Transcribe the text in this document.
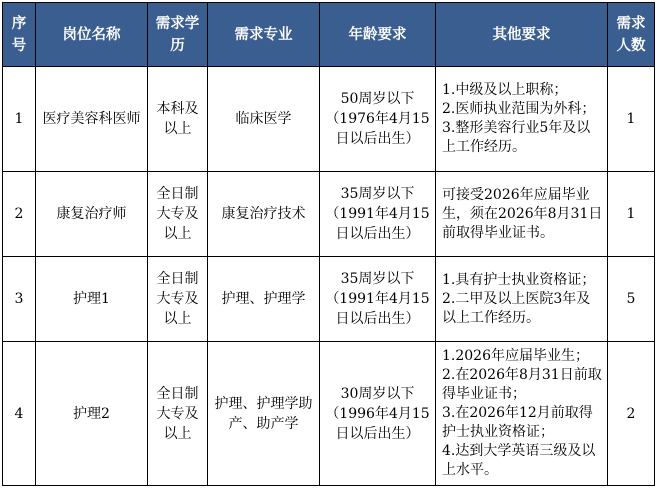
序号	岗位名称	需求学历	需求专业	年龄要求	其他要求	需求人数
1	医疗美容科医师	本科及以上	临床医学	50周岁以下（1976年4月15日以后出生）	1.中级及以上职称；
2.医师执业范围为外科；
3.整形美容行业5年及以上工作经历。	1
2	康复治疗师	全日制大专及以上	康复治疗技术	35周岁以下（1991年4月15日以后出生）	可接受2026年应届毕业生，须在2026年8月31日前取得毕业证书。	1
3	护理1	全日制大专及以上	护理、护理学	35周岁以下（1991年4月15日以后出生）	1.具有护士执业资格证；
2.二甲及以上医院3年及以上工作经历。	5
4	护理2	全日制大专及以上	护理、护理学助产、助产学	30周岁以下（1996年4月15日以后出生）	1.2026年应届毕业生；
2.在2026年8月31日前取得毕业证书；
3.在2026年12月前取得护士执业资格证；
4.达到大学英语三级及以上水平。	2
